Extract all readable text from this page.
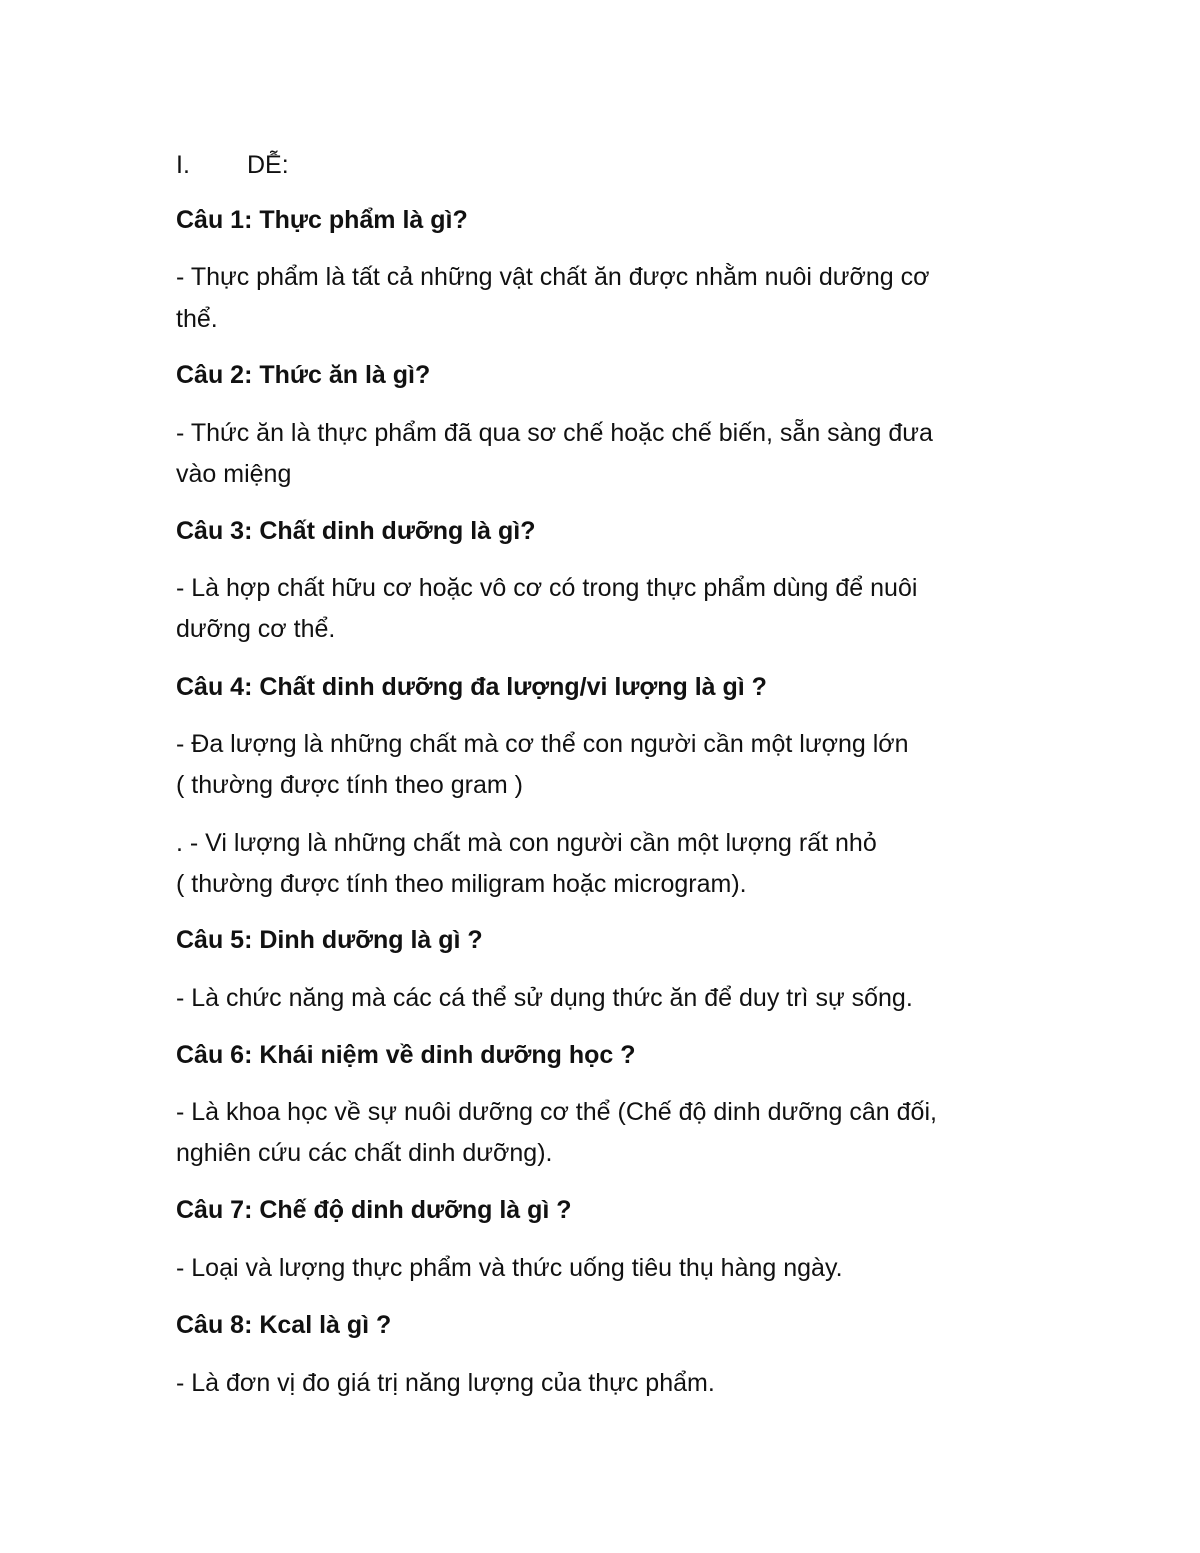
I. DỄ:
Câu 1: Thực phẩm là gì?
- Thực phẩm là tất cả những vật chất ăn được nhằm nuôi dưỡng cơ
thể.
Câu 2: Thức ăn là gì?
- Thức ăn là thực phẩm đã qua sơ chế hoặc chế biến, sẵn sàng đưa
vào miệng
Câu 3: Chất dinh dưỡng là gì?
- Là hợp chất hữu cơ hoặc vô cơ có trong thực phẩm dùng để nuôi
dưỡng cơ thể.
Câu 4: Chất dinh dưỡng đa lượng/vi lượng là gì ?
- Đa lượng là những chất mà cơ thể con người cần một lượng lớn
( thường được tính theo gram )
. - Vi lượng là những chất mà con người cần một lượng rất nhỏ
( thường được tính theo miligram hoặc microgram).
Câu 5: Dinh dưỡng là gì ?
- Là chức năng mà các cá thể sử dụng thức ăn để duy trì sự sống.
Câu 6: Khái niệm về dinh dưỡng học ?
- Là khoa học về sự nuôi dưỡng cơ thể (Chế độ dinh dưỡng cân đối,
nghiên cứu các chất dinh dưỡng).
Câu 7: Chế độ dinh dưỡng là gì ?
- Loại và lượng thực phẩm và thức uống tiêu thụ hàng ngày.
Câu 8: Kcal là gì ?
- Là đơn vị đo giá trị năng lượng của thực phẩm.
